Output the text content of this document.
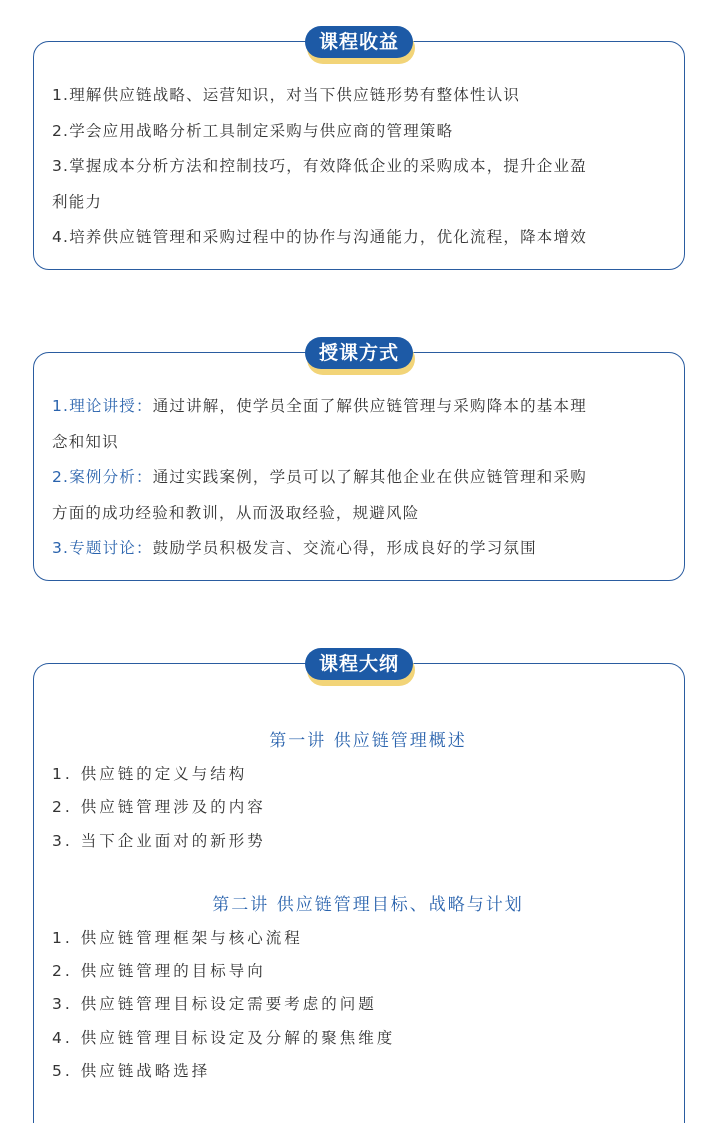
课程收益
1.理解供应链战略、运营知识，对当下供应链形势有整体性认识
2.学会应用战略分析工具制定采购与供应商的管理策略
3.掌握成本分析方法和控制技巧，有效降低企业的采购成本，提升企业盈
利能力
4.培养供应链管理和采购过程中的协作与沟通能力，优化流程，降本增效
授课方式
1.理论讲授：通过讲解，使学员全面了解供应链管理与采购降本的基本理
念和知识
2.案例分析：通过实践案例，学员可以了解其他企业在供应链管理和采购
方面的成功经验和教训，从而汲取经验，规避风险
3.专题讨论：鼓励学员积极发言、交流心得，形成良好的学习氛围
课程大纲
第一讲 供应链管理概述
1. 供应链的定义与结构
2. 供应链管理涉及的内容
3. 当下企业面对的新形势
第二讲 供应链管理目标、战略与计划
1. 供应链管理框架与核心流程
2. 供应链管理的目标导向
3. 供应链管理目标设定需要考虑的问题
4. 供应链管理目标设定及分解的聚焦维度
5. 供应链战略选择
